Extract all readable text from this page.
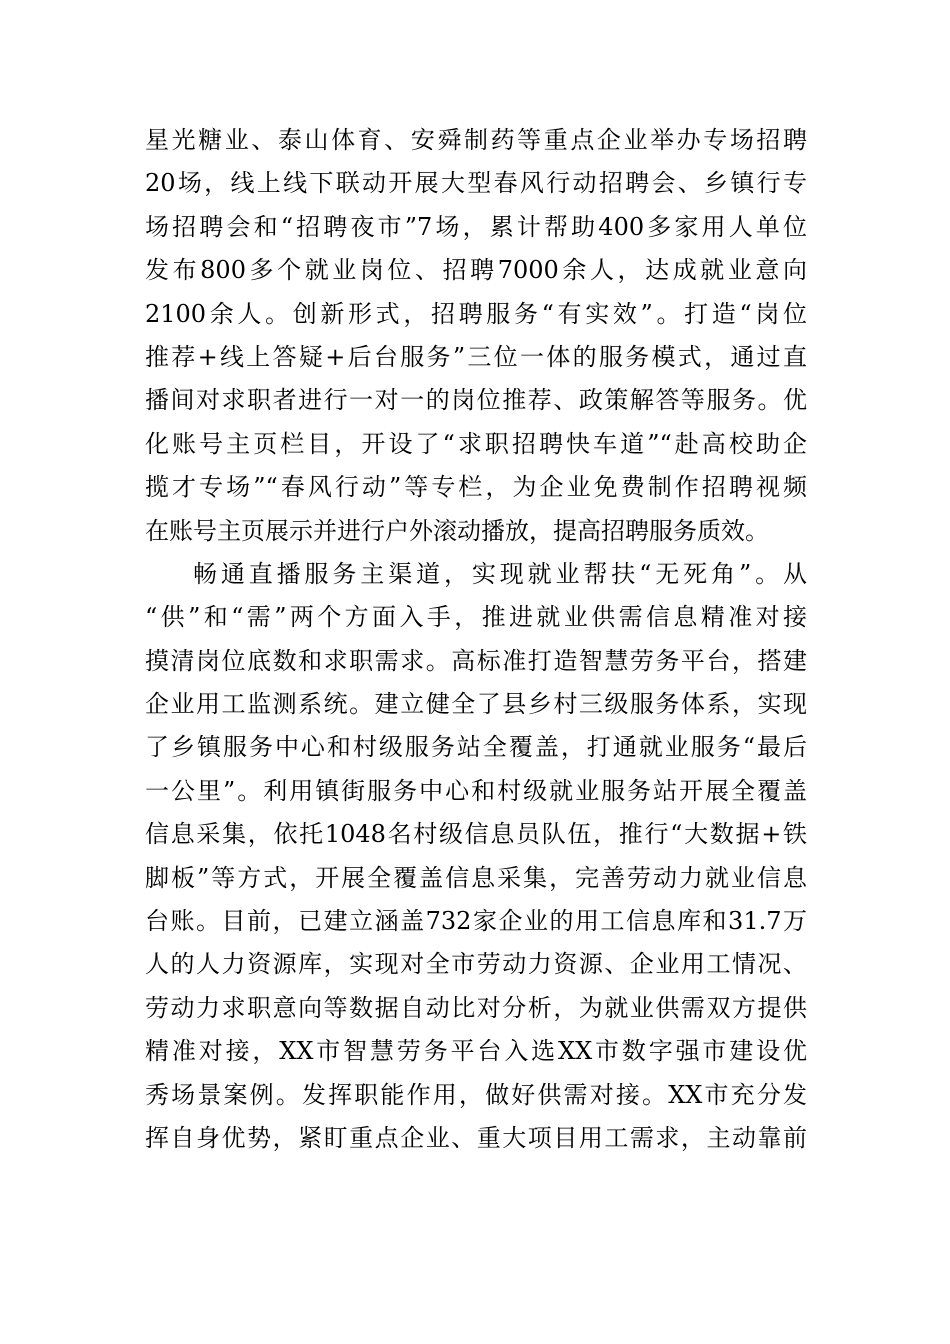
星光糖业、泰山体育、安舜制药等重点企业举办专场招聘
20场，线上线下联动开展大型春风行动招聘会、乡镇行专
场招聘会和“招聘夜市”7场，累计帮助400多家用人单位
发布800多个就业岗位、招聘7000余人，达成就业意向
2100余人。创新形式，招聘服务“有实效”。打造“岗位
推荐+线上答疑+后台服务”三位一体的服务模式，通过直
播间对求职者进行一对一的岗位推荐、政策解答等服务。优
化账号主页栏目，开设了“求职招聘快车道”“赴高校助企
揽才专场”“春风行动”等专栏，为企业免费制作招聘视频
在账号主页展示并进行户外滚动播放，提高招聘服务质效。
畅通直播服务主渠道，实现就业帮扶“无死角”。从
“供”和“需”两个方面入手，推进就业供需信息精准对接
摸清岗位底数和求职需求。高标准打造智慧劳务平台，搭建
企业用工监测系统。建立健全了县乡村三级服务体系，实现
了乡镇服务中心和村级服务站全覆盖，打通就业服务“最后
一公里”。利用镇街服务中心和村级就业服务站开展全覆盖
信息采集，依托1048名村级信息员队伍，推行“大数据+铁
脚板”等方式，开展全覆盖信息采集，完善劳动力就业信息
台账。目前，已建立涵盖732家企业的用工信息库和31.7万
人的人力资源库，实现对全市劳动力资源、企业用工情况、
劳动力求职意向等数据自动比对分析，为就业供需双方提供
精准对接，XX市智慧劳务平台入选XX市数字强市建设优
秀场景案例。发挥职能作用，做好供需对接。XX市充分发
挥自身优势，紧盯重点企业、重大项目用工需求，主动靠前
